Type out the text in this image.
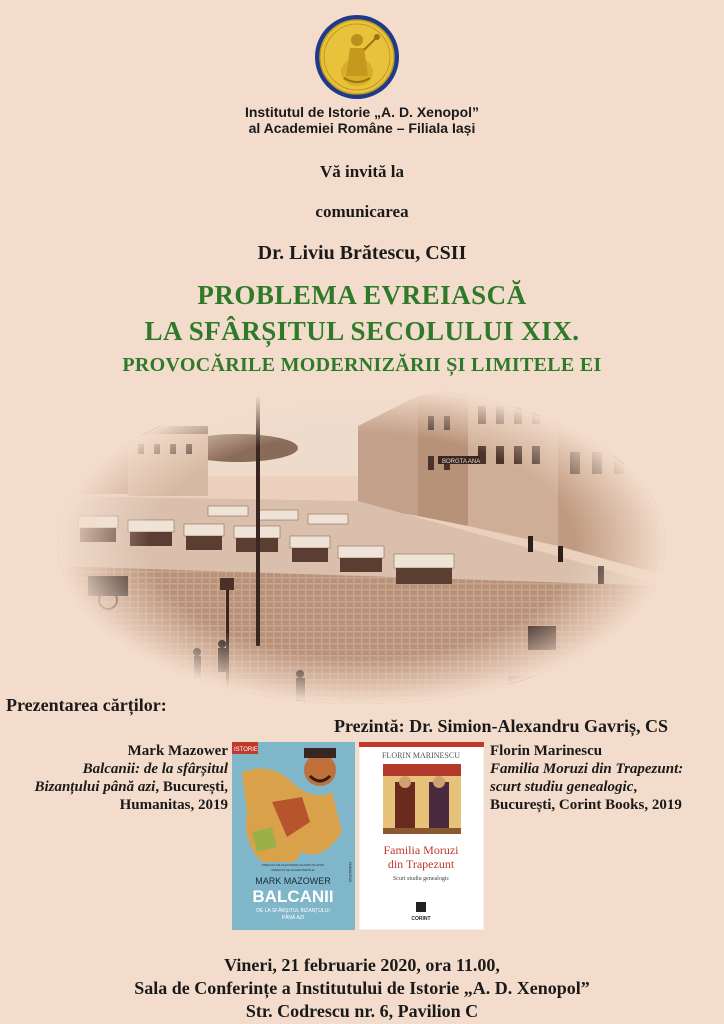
Institutul de Istorie „A. D. Xenopol”
al Academiei Române – Filiala Iași
Vă invită la
comunicarea
Dr. Liviu Brătescu, CSII
PROBLEMA EVREIASCĂ
LA SFÂRȘITUL SECOLULUI XIX.
PROVOCĂRILE MODERNIZĂRII ȘI LIMITELE EI
Prezentarea cărților:
Prezintă: Dr. Simion-Alexandru Gavriș, CS
Mark Mazower
Balcanii: de la sfârșitul
Bizanțului până azi, București,
Humanitas, 2019
ISTORIE
PREFAȚĂ DE ALEXANDRU-FLORIN PLATON
PREFAȚĂ DE EUGEN BARTHA
MARK MAZOWER
BALCANII
DE LA SFÂRȘITUL BIZANȚULUI
PÂNĂ AZI
HUMANITAS
FLORIN MARINESCU
Familia Moruzi
din Trapezunt
Scurt studiu genealogic
CORINT
Florin Marinescu
Familia Moruzi din Trapezunt:
scurt studiu genealogic,
București, Corint Books, 2019
Vineri, 21 februarie 2020, ora 11.00,
Sala de Conferințe a Institutului de Istorie „A. D. Xenopol”
Str. Codrescu nr. 6, Pavilion C
